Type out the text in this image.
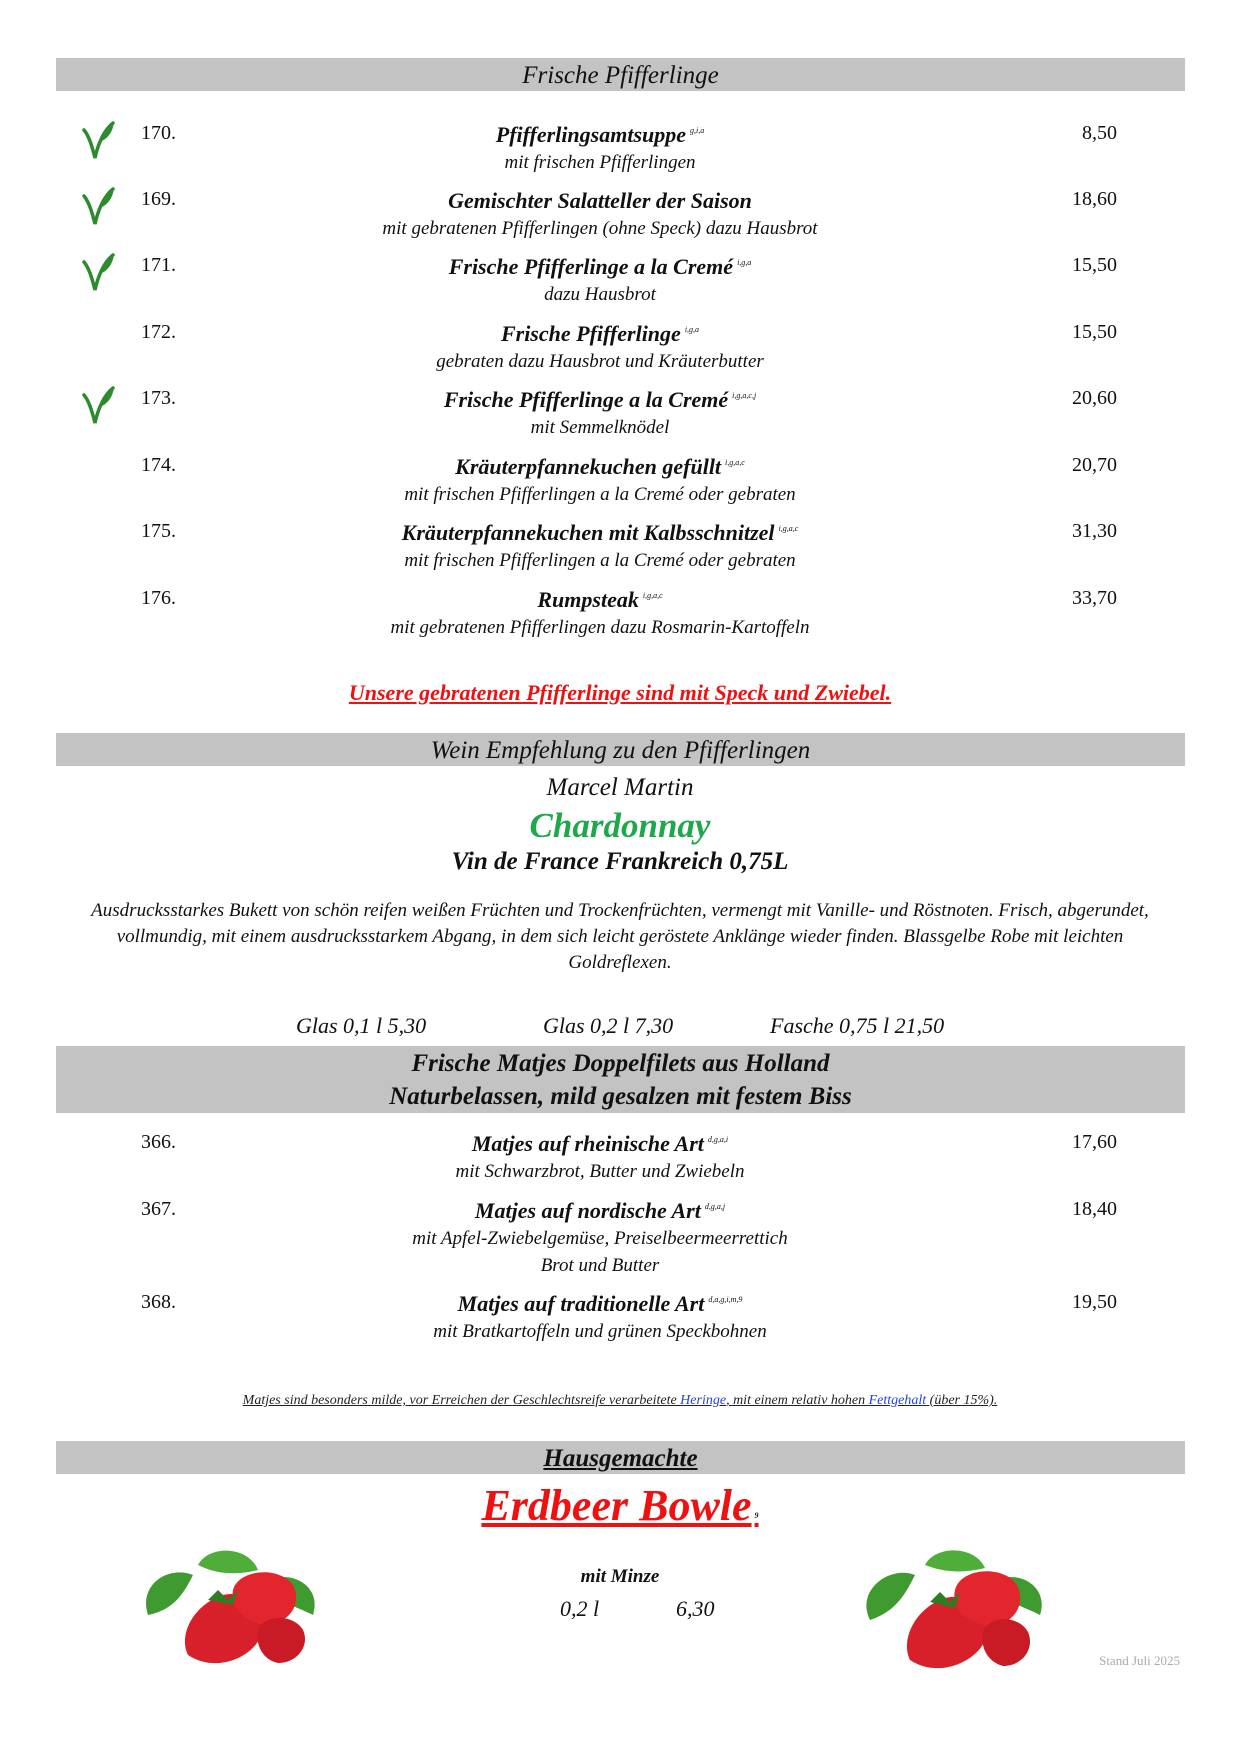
Frische Pfifferlinge
170.	Pfifferlingsamtsuppe $^{g,i,a}$
mit frischen Pfifferlingen
8,50
169.	Gemischter Salatteller der Saison
mit gebratenen Pfifferlingen (ohne Speck) dazu Hausbrot
18,60
171.	Frische Pfifferlinge a la Cremé $^{i,g,a}$
dazu Hausbrot
15,50
172.	Frische Pfifferlinge $^{i,g,a}$
gebraten dazu Hausbrot und Kräuterbutter
15,50
173.	Frische Pfifferlinge a la Cremé $^{i,g,a,c,j}$
mit Semmelknödel
20,60
174.	Kräuterpfannekuchen gefüllt $^{i,g,a,c}$
mit frischen Pfifferlingen a la Cremé oder gebraten
20,70
175.	Kräuterpfannekuchen mit Kalbsschnitzel $^{i,g,a,c}$
mit frischen Pfifferlingen a la Cremé oder gebraten
31,30
176.	Rumpsteak $^{i,g,a,c}$
mit gebratenen Pfifferlingen dazu Rosmarin-Kartoffeln
33,70
Unsere gebratenen Pfifferlinge sind mit Speck und Zwiebel.
Wein Empfehlung zu den Pfifferlingen
Marcel Martin
Chardonnay
Vin de France Frankreich 0,75L
Ausdrucksstarkes Bukett von schön reifen weißen Früchten und Trockenfrüchten, vermengt mit Vanille- und Röstnoten. Frisch, abgerundet, vollmundig, mit einem ausdrucksstarkem Abgang, in dem sich leicht geröstete Anklänge wieder finden. Blassgelbe Robe mit leichten Goldreflexen.
Glas 0,1 l 5,30	Glas 0,2 l 7,30	Fasche 0,75 l 21,50
Frische Matjes Doppelfilets aus Holland
Naturbelassen, mild gesalzen mit festem Biss
366.	Matjes auf rheinische Art $^{d,g,a,i}$
mit Schwarzbrot, Butter und Zwiebeln
17,60
367.	Matjes auf nordische Art $^{d,g,a,j}$
mit Apfel-Zwiebelgemüse, Preiselbeermeerrettich
Brot und Butter
18,40
368.	Matjes auf traditionelle Art $^{d,a,g,i,m,9}$
mit Bratkartoffeln und grünen Speckbohnen
19,50
Matjes sind besonders milde, vor Erreichen der Geschlechtsreife verarbeitete Heringe, mit einem relativ hohen Fettgehalt (über 15%).
Hausgemachte
Erdbeer Bowle $^9$
mit Minze
0,2 l	6,30
Stand Juli 2025
